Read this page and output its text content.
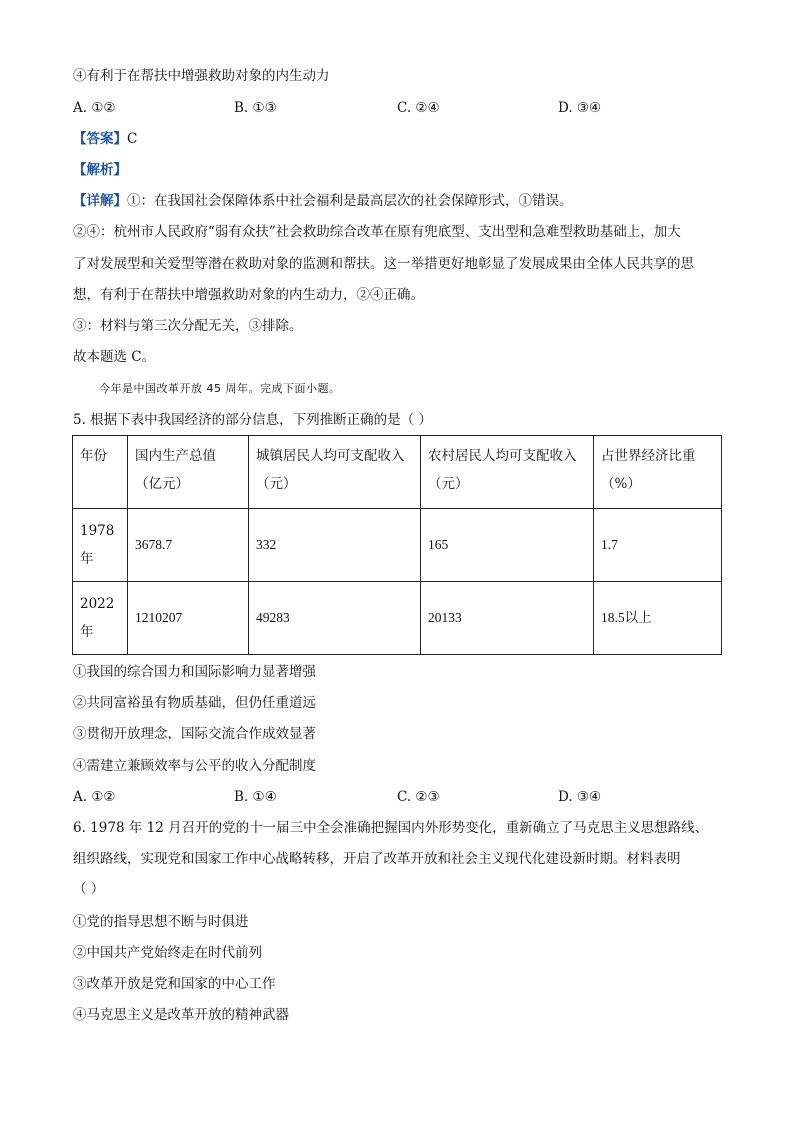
④有利于在帮扶中增强救助对象的内生动力
A. ①②	B. ①③	C. ②④	D. ③④
【答案】C
【解析】
【详解】①：在我国社会保障体系中社会福利是最高层次的社会保障形式，①错误。
②④：杭州市人民政府“弱有众扶”社会救助综合改革在原有兜底型、支出型和急难型救助基础上，加大
了对发展型和关爱型等潜在救助对象的监测和帮扶。这一举措更好地彰显了发展成果由全体人民共享的思
想，有利于在帮扶中增强救助对象的内生动力，②④正确。
③：材料与第三次分配无关，③排除。
故本题选 C。
今年是中国改革开放 45 周年。完成下面小题。
5. 根据下表中我国经济的部分信息，下列推断正确的是（ ）
年份	国内生产总值（亿元）	城镇居民人均可支配收入（元）	农村居民人均可支配收入（元）	占世界经济比重（%）
1978 年	3678.7	332	165	1.7
2022 年	1210207	49283	20133	18.5以上
①我国的综合国力和国际影响力显著增强
②共同富裕虽有物质基础，但仍任重道远
③贯彻开放理念，国际交流合作成效显著
④需建立兼顾效率与公平的收入分配制度
A. ①②	B. ①④	C. ②③	D. ③④
6. 1978 年 12 月召开的党的十一届三中全会准确把握国内外形势变化，重新确立了马克思主义思想路线、
组织路线，实现党和国家工作中心战略转移，开启了改革开放和社会主义现代化建设新时期。材料表明
（ ）
①党的指导思想不断与时俱进
②中国共产党始终走在时代前列
③改革开放是党和国家的中心工作
④马克思主义是改革开放的精神武器
